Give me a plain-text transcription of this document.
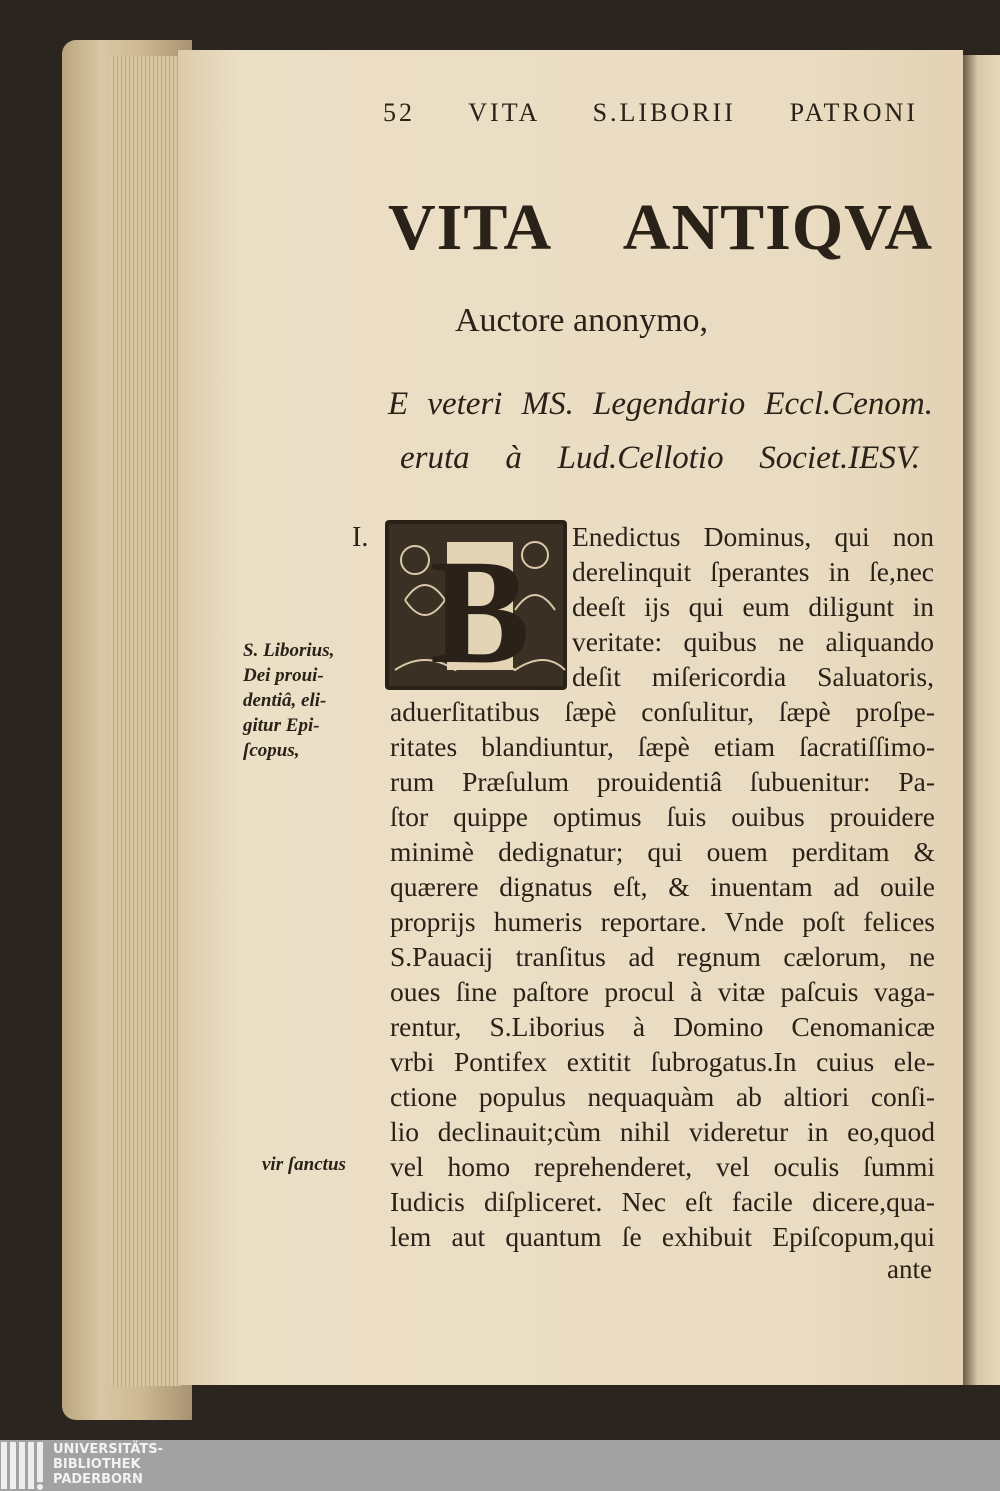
52 VITA S.LIBORII PATRONI
VITA ANTIQVA
Auctore anonymo,
E veteri MS. Legendario Eccl.Cenom.
eruta à Lud.Cellotio Societ.IESV.
I. B Enedictus Dominus, qui non
derelinquit ſperantes in ſe,nec
deeſt ijs qui eum diligunt in
veritate: quibus ne aliquando
deſit miſericordia Saluatoris,
aduerſitatibus ſæpè conſulitur, ſæpè proſpe-
ritates blandiuntur, ſæpè etiam ſacratiſſimo-
rum Præſulum prouidentiâ ſubuenitur: Pa-
ſtor quippe optimus ſuis ouibus prouidere
minimè dedignatur; qui ouem perditam &
quærere dignatus eſt, & inuentam ad ouile
proprijs humeris reportare. Vnde poſt felices
S.Pauacij tranſitus ad regnum cælorum, ne
oues ſine paſtore procul à vitæ paſcuis vaga-
rentur, S.Liborius à Domino Cenomanicæ
vrbi Pontifex extitit ſubrogatus.In cuius ele-
ctione populus nequaquàm ab altiori conſi-
lio declinauit;cùm nihil videretur in eo,quod
vel homo reprehenderet, vel oculis ſummi
Iudicis diſpliceret. Nec eſt facile dicere,qua-
lem aut quantum ſe exhibuit Epiſcopum,qui
S. Liborius,
Dei proui-
dentiâ, eli-
gitur Epi-
ſcopus,
vir ſanctus
ante
UNIVERSITÄTS-
BIBLIOTHEK
PADERBORN
